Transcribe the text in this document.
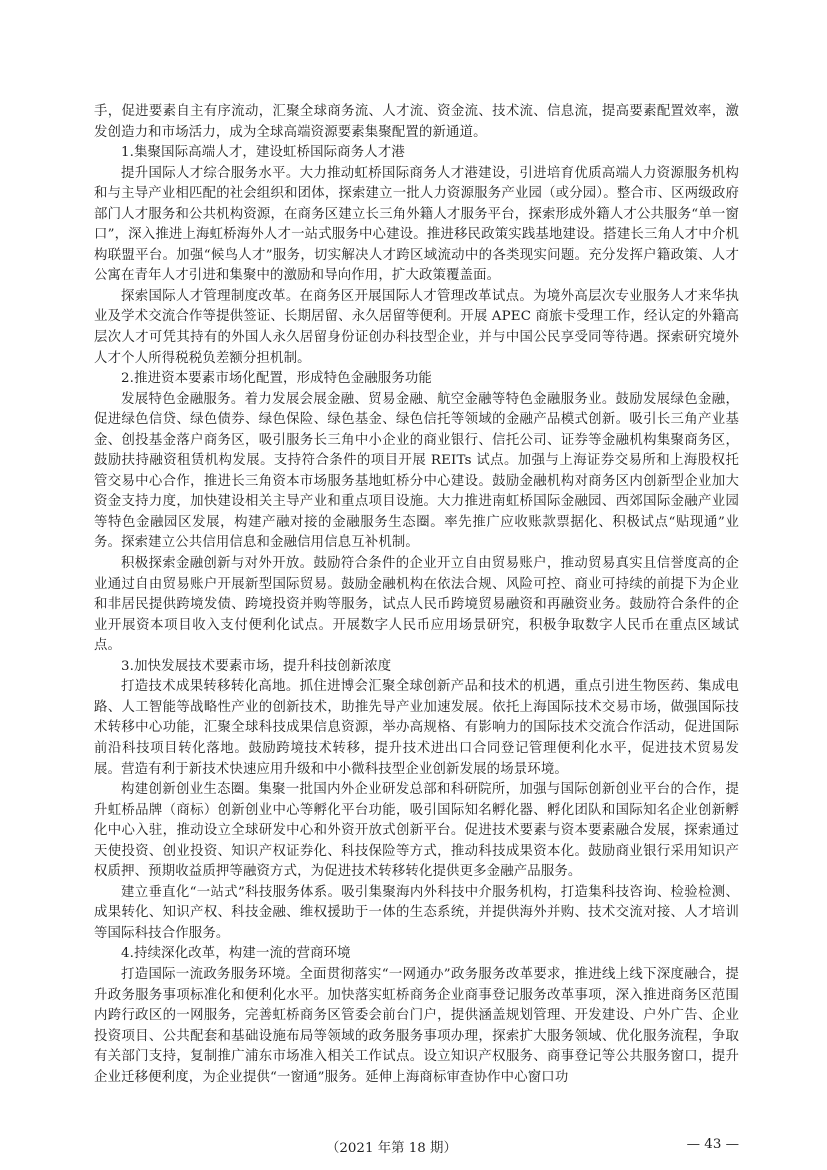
手，促进要素自主有序流动，汇聚全球商务流、人才流、资金流、技术流、信息流，提高要素配置效率，激发创造力和市场活力，成为全球高端资源要素集聚配置的新通道。

1.集聚国际高端人才，建设虹桥国际商务人才港

提升国际人才综合服务水平。大力推动虹桥国际商务人才港建设，引进培育优质高端人力资源服务机构和与主导产业相匹配的社会组织和团体，探索建立一批人力资源服务产业园（或分园）。整合市、区两级政府部门人才服务和公共机构资源，在商务区建立长三角外籍人才服务平台，探索形成外籍人才公共服务“单一窗口”，深入推进上海虹桥海外人才一站式服务中心建设。推进移民政策实践基地建设。搭建长三角人才中介机构联盟平台。加强“候鸟人才”服务，切实解决人才跨区域流动中的各类现实问题。充分发挥户籍政策、人才公寓在青年人才引进和集聚中的激励和导向作用，扩大政策覆盖面。

探索国际人才管理制度改革。在商务区开展国际人才管理改革试点。为境外高层次专业服务人才来华执业及学术交流合作等提供签证、长期居留、永久居留等便利。开展 APEC 商旅卡受理工作，经认定的外籍高层次人才可凭其持有的外国人永久居留身份证创办科技型企业，并与中国公民享受同等待遇。探索研究境外人才个人所得税税负差额分担机制。

2.推进资本要素市场化配置，形成特色金融服务功能

发展特色金融服务。着力发展会展金融、贸易金融、航空金融等特色金融服务业。鼓励发展绿色金融，促进绿色信贷、绿色债券、绿色保险、绿色基金、绿色信托等领域的金融产品模式创新。吸引长三角产业基金、创投基金落户商务区，吸引服务长三角中小企业的商业银行、信托公司、证券等金融机构集聚商务区，鼓励扶持融资租赁机构发展。支持符合条件的项目开展 REITs 试点。加强与上海证券交易所和上海股权托管交易中心合作，推进长三角资本市场服务基地虹桥分中心建设。鼓励金融机构对商务区内创新型企业加大资金支持力度，加快建设相关主导产业和重点项目设施。大力推进南虹桥国际金融园、西郊国际金融产业园等特色金融园区发展，构建产融对接的金融服务生态圈。率先推广应收账款票据化、积极试点“贴现通”业务。探索建立公共信用信息和金融信用信息互补机制。

积极探索金融创新与对外开放。鼓励符合条件的企业开立自由贸易账户，推动贸易真实且信誉度高的企业通过自由贸易账户开展新型国际贸易。鼓励金融机构在依法合规、风险可控、商业可持续的前提下为企业和非居民提供跨境发债、跨境投资并购等服务，试点人民币跨境贸易融资和再融资业务。鼓励符合条件的企业开展资本项目收入支付便利化试点。开展数字人民币应用场景研究，积极争取数字人民币在重点区域试点。

3.加快发展技术要素市场，提升科技创新浓度

打造技术成果转移转化高地。抓住进博会汇聚全球创新产品和技术的机遇，重点引进生物医药、集成电路、人工智能等战略性产业的创新技术，助推先导产业加速发展。依托上海国际技术交易市场，做强国际技术转移中心功能，汇聚全球科技成果信息资源，举办高规格、有影响力的国际技术交流合作活动，促进国际前沿科技项目转化落地。鼓励跨境技术转移，提升技术进出口合同登记管理便利化水平，促进技术贸易发展。营造有利于新技术快速应用升级和中小微科技型企业创新发展的场景环境。

构建创新创业生态圈。集聚一批国内外企业研发总部和科研院所，加强与国际创新创业平台的合作，提升虹桥品牌（商标）创新创业中心等孵化平台功能，吸引国际知名孵化器、孵化团队和国际知名企业创新孵化中心入驻，推动设立全球研发中心和外资开放式创新平台。促进技术要素与资本要素融合发展，探索通过天使投资、创业投资、知识产权证券化、科技保险等方式，推动科技成果资本化。鼓励商业银行采用知识产权质押、预期收益质押等融资方式，为促进技术转移转化提供更多金融产品服务。

建立垂直化“一站式”科技服务体系。吸引集聚海内外科技中介服务机构，打造集科技咨询、检验检测、成果转化、知识产权、科技金融、维权援助于一体的生态系统，并提供海外并购、技术交流对接、人才培训等国际科技合作服务。

4.持续深化改革，构建一流的营商环境

打造国际一流政务服务环境。全面贯彻落实“一网通办”政务服务改革要求，推进线上线下深度融合，提升政务服务事项标准化和便利化水平。加快落实虹桥商务企业商事登记服务改革事项，深入推进商务区范围内跨行政区的一网服务，完善虹桥商务区管委会前台门户，提供涵盖规划管理、开发建设、户外广告、企业投资项目、公共配套和基础设施布局等领域的政务服务事项办理，探索扩大服务领域、优化服务流程，争取有关部门支持，复制推广浦东市场准入相关工作试点。设立知识产权服务、商事登记等公共服务窗口，提升企业迁移便利度，为企业提供“一窗通”服务。延伸上海商标审查协作中心窗口功

（2021 年第 18 期）	— 43 —
